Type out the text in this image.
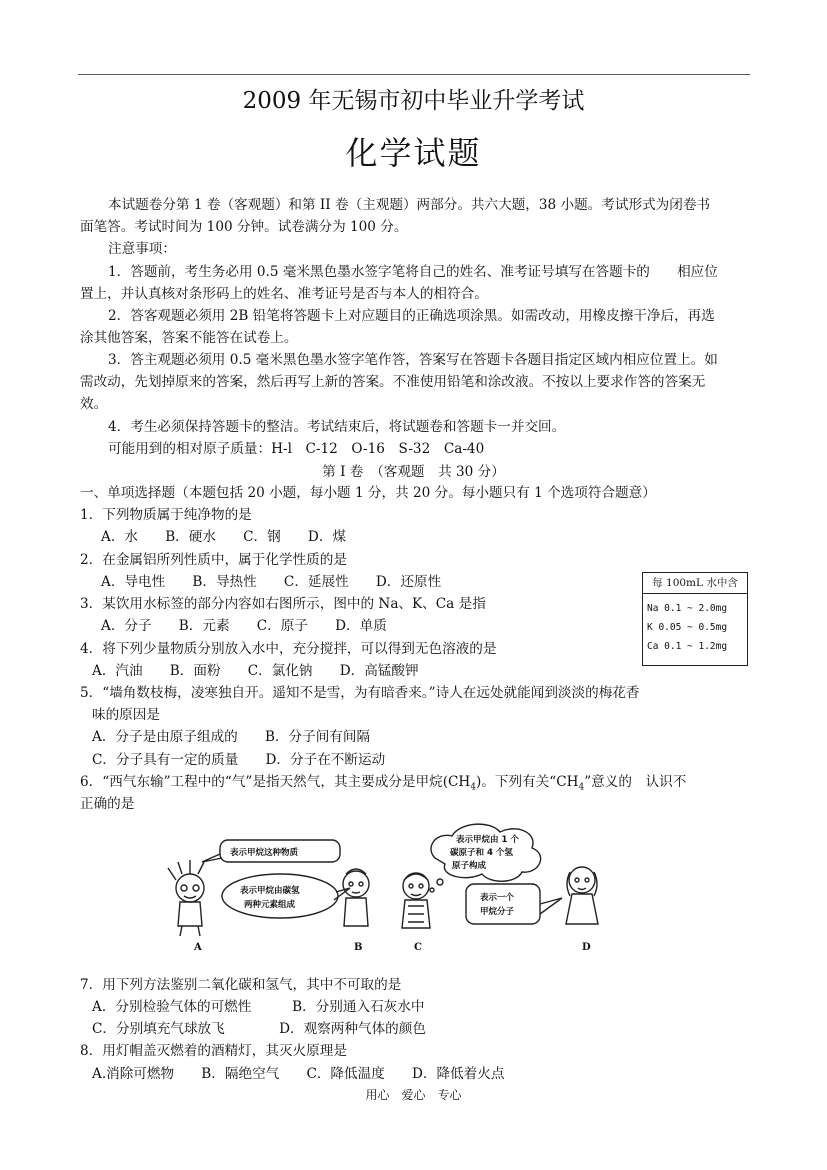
2009 年无锡市初中毕业升学考试
化学试题
本试题卷分第 1 卷（客观题）和第 II 卷（主观题）两部分。共六大题，38 小题。考试形式为闭卷书
面笔答。考试时间为 100 分钟。试卷满分为 100 分。
注意事项：
1．答题前，考生务必用 0.5 毫米黑色墨水签字笔将自己的姓名、准考证号填写在答题卡的　　相应位
置上，并认真核对条形码上的姓名、准考证号是否与本人的相符合。
2．答客观题必须用 2B 铅笔将答题卡上对应题目的正确选项涂黑。如需改动，用橡皮擦干净后，再选
涂其他答案，答案不能答在试卷上。
3．答主观题必须用 0.5 毫米黑色墨水签字笔作答，答案写在答题卡各题目指定区域内相应位置上。如
需改动，先划掉原来的答案，然后再写上新的答案。不准使用铅笔和涂改液。不按以上要求作答的答案无
效。
4．考生必须保持答题卡的整洁。考试结束后，将试题卷和答题卡一并交回。
可能用到的相对原子质量：H-l　C-12　O-16　S-32　Ca-40
第 I 卷　（客观题　共 30 分）
一、单项选择题（本题包括 20 小题，每小题 1 分，共 20 分。每小题只有 1 个选项符合题意）
1．下列物质属于纯净物的是
A．水　　B．硬水　　C．钢　　D．煤
2．在金属铝所列性质中，属于化学性质的是
A．导电性　　B．导热性　　C．延展性　　D．还原性
3．某饮用水标签的部分内容如右图所示，图中的 Na、K、Ca 是指
A．分子　　B．元素　　C．原子　　D．单质
4．将下列少量物质分别放入水中，充分搅拌，可以得到无色溶液的是
A．汽油　　B．面粉　　C．氯化钠　　D．高锰酸钾
5．“墙角数枝梅，凌寒独自开。遥知不是雪，为有暗香来。”诗人在远处就能闻到淡淡的梅花香
味的原因是
A．分子是由原子组成的　　B．分子间有间隔
C．分子具有一定的质量　　D．分子在不断运动
6．“西气东输”工程中的“气”是指天然气，其主要成分是甲烷$(CH_4)$。下列有关“$CH_4$”意义的　认识不
正确的是
每 100mL 水中含
Na 0.1 ~ 2.0mg
K 0.05 ~ 0.5mg
Ca 0.1 ~ 1.2mg
表示甲烷这种物质
表示甲烷由碳氢
两种元素组成
表示甲烷由 1 个
碳原子和 4 个氢
原子构成
表示一个
甲烷分子
A	B	C	D
7．用下列方法鉴别二氧化碳和氢气，其中不可取的是
A．分别检验气体的可燃性　　　B．分别通入石灰水中
C．分别填充气球放飞　　　　D．观察两种气体的颜色
8．用灯帽盖灭燃着的酒精灯，其灭火原理是
A.消除可燃物　　B．隔绝空气　　C．降低温度　　D．降低着火点
用心　爱心　专心
